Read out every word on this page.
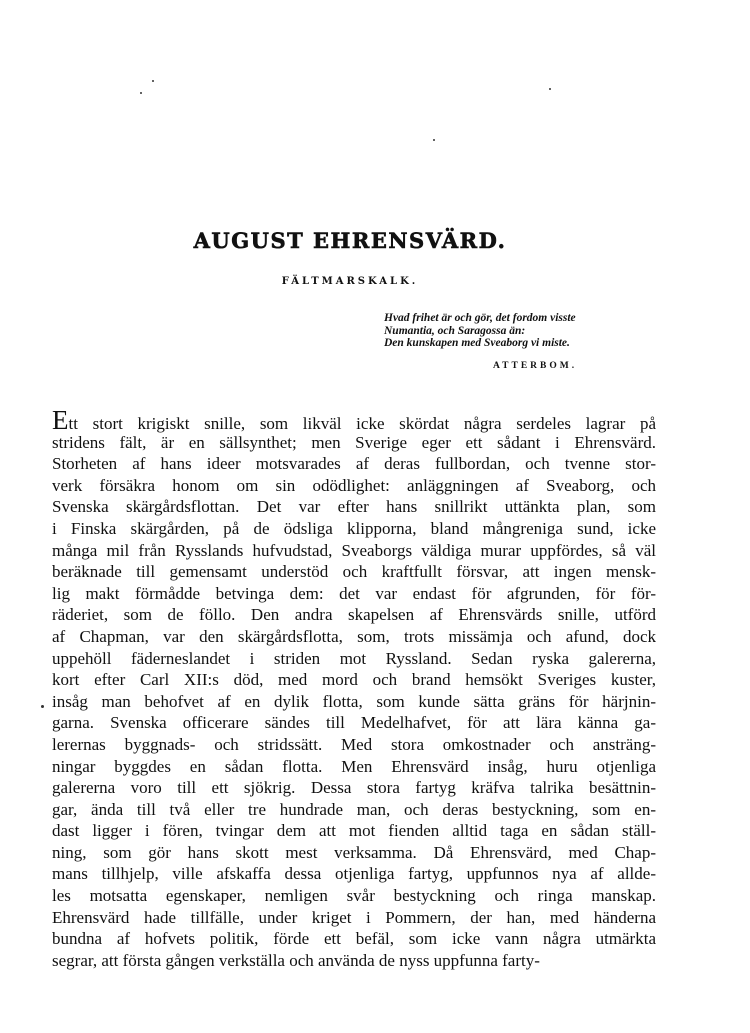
AUGUST EHRENSVÄRD.
FÄLTMARSKALK.
Hvad frihet är och gör, det fordom visste
Numantia, och Saragossa än:
Den kunskapen med Sveaborg vi miste.
ATTERBOM.
Ett stort krigiskt snille, som likväl icke skördat några serdeles lagrar på
stridens fält, är en sällsynthet; men Sverige eger ett sådant i Ehrensvärd.
Storheten af hans ideer motsvarades af deras fullbordan, och tvenne stor-
verk försäkra honom om sin odödlighet: anläggningen af Sveaborg, och
Svenska skärgårdsflottan. Det var efter hans snillrikt uttänkta plan, som
i Finska skärgården, på de ödsliga klipporna, bland mångreniga sund, icke
många mil från Rysslands hufvudstad, Sveaborgs väldiga murar uppfördes, så väl
beräknade till gemensamt understöd och kraftfullt försvar, att ingen mensk-
lig makt förmådde betvinga dem: det var endast för afgrunden, för för-
räderiet, som de föllo. Den andra skapelsen af Ehrensvärds snille, utförd
af Chapman, var den skärgårdsflotta, som, trots missämja och afund, dock
uppehöll fäderneslandet i striden mot Ryssland. Sedan ryska galererna,
kort efter Carl XII:s död, med mord och brand hemsökt Sveriges kuster,
insåg man behofvet af en dylik flotta, som kunde sätta gräns för härjnin-
garna. Svenska officerare sändes till Medelhafvet, för att lära känna ga-
lerernas byggnads- och stridssätt. Med stora omkostnader och ansträng-
ningar byggdes en sådan flotta. Men Ehrensvärd insåg, huru otjenliga
galererna voro till ett sjökrig. Dessa stora fartyg kräfva talrika besättnin-
gar, ända till två eller tre hundrade man, och deras bestyckning, som en-
dast ligger i fören, tvingar dem att mot fienden alltid taga en sådan ställ-
ning, som gör hans skott mest verksamma. Då Ehrensvärd, med Chap-
mans tillhjelp, ville afskaffa dessa otjenliga fartyg, uppfunnos nya af allde-
les motsatta egenskaper, nemligen svår bestyckning och ringa manskap.
Ehrensvärd hade tillfälle, under kriget i Pommern, der han, med händerna
bundna af hofvets politik, förde ett befäl, som icke vann några utmärkta
segrar, att första gången verkställa och använda de nyss uppfunna farty-
